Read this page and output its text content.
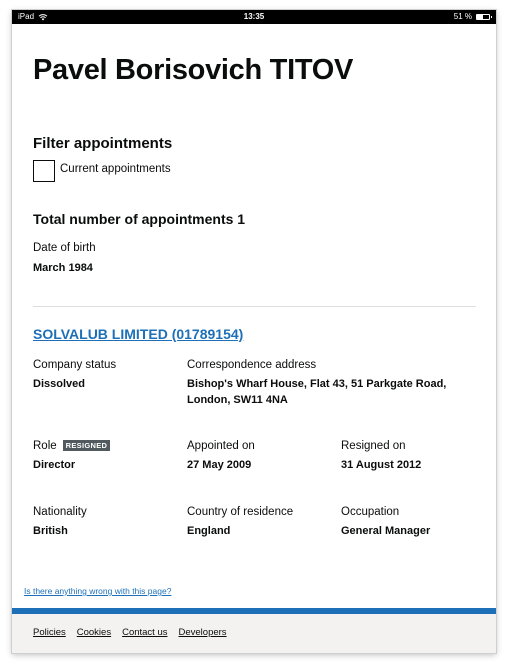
iPad	13:35	51 %
Pavel Borisovich TITOV
Filter appointments
Current appointments
Total number of appointments 1
Date of birth
March 1984
SOLVALUB LIMITED (01789154)
Company status
Dissolved
Correspondence address
Bishop's Wharf House, Flat 43, 51 Parkgate Road,
London, SW11 4NA
Role RESIGNED
Director
Appointed on
27 May 2009
Resigned on
31 August 2012
Nationality
British
Country of residence
England
Occupation
General Manager
Is there anything wrong with this page?
Policies Cookies Contact us Developers
